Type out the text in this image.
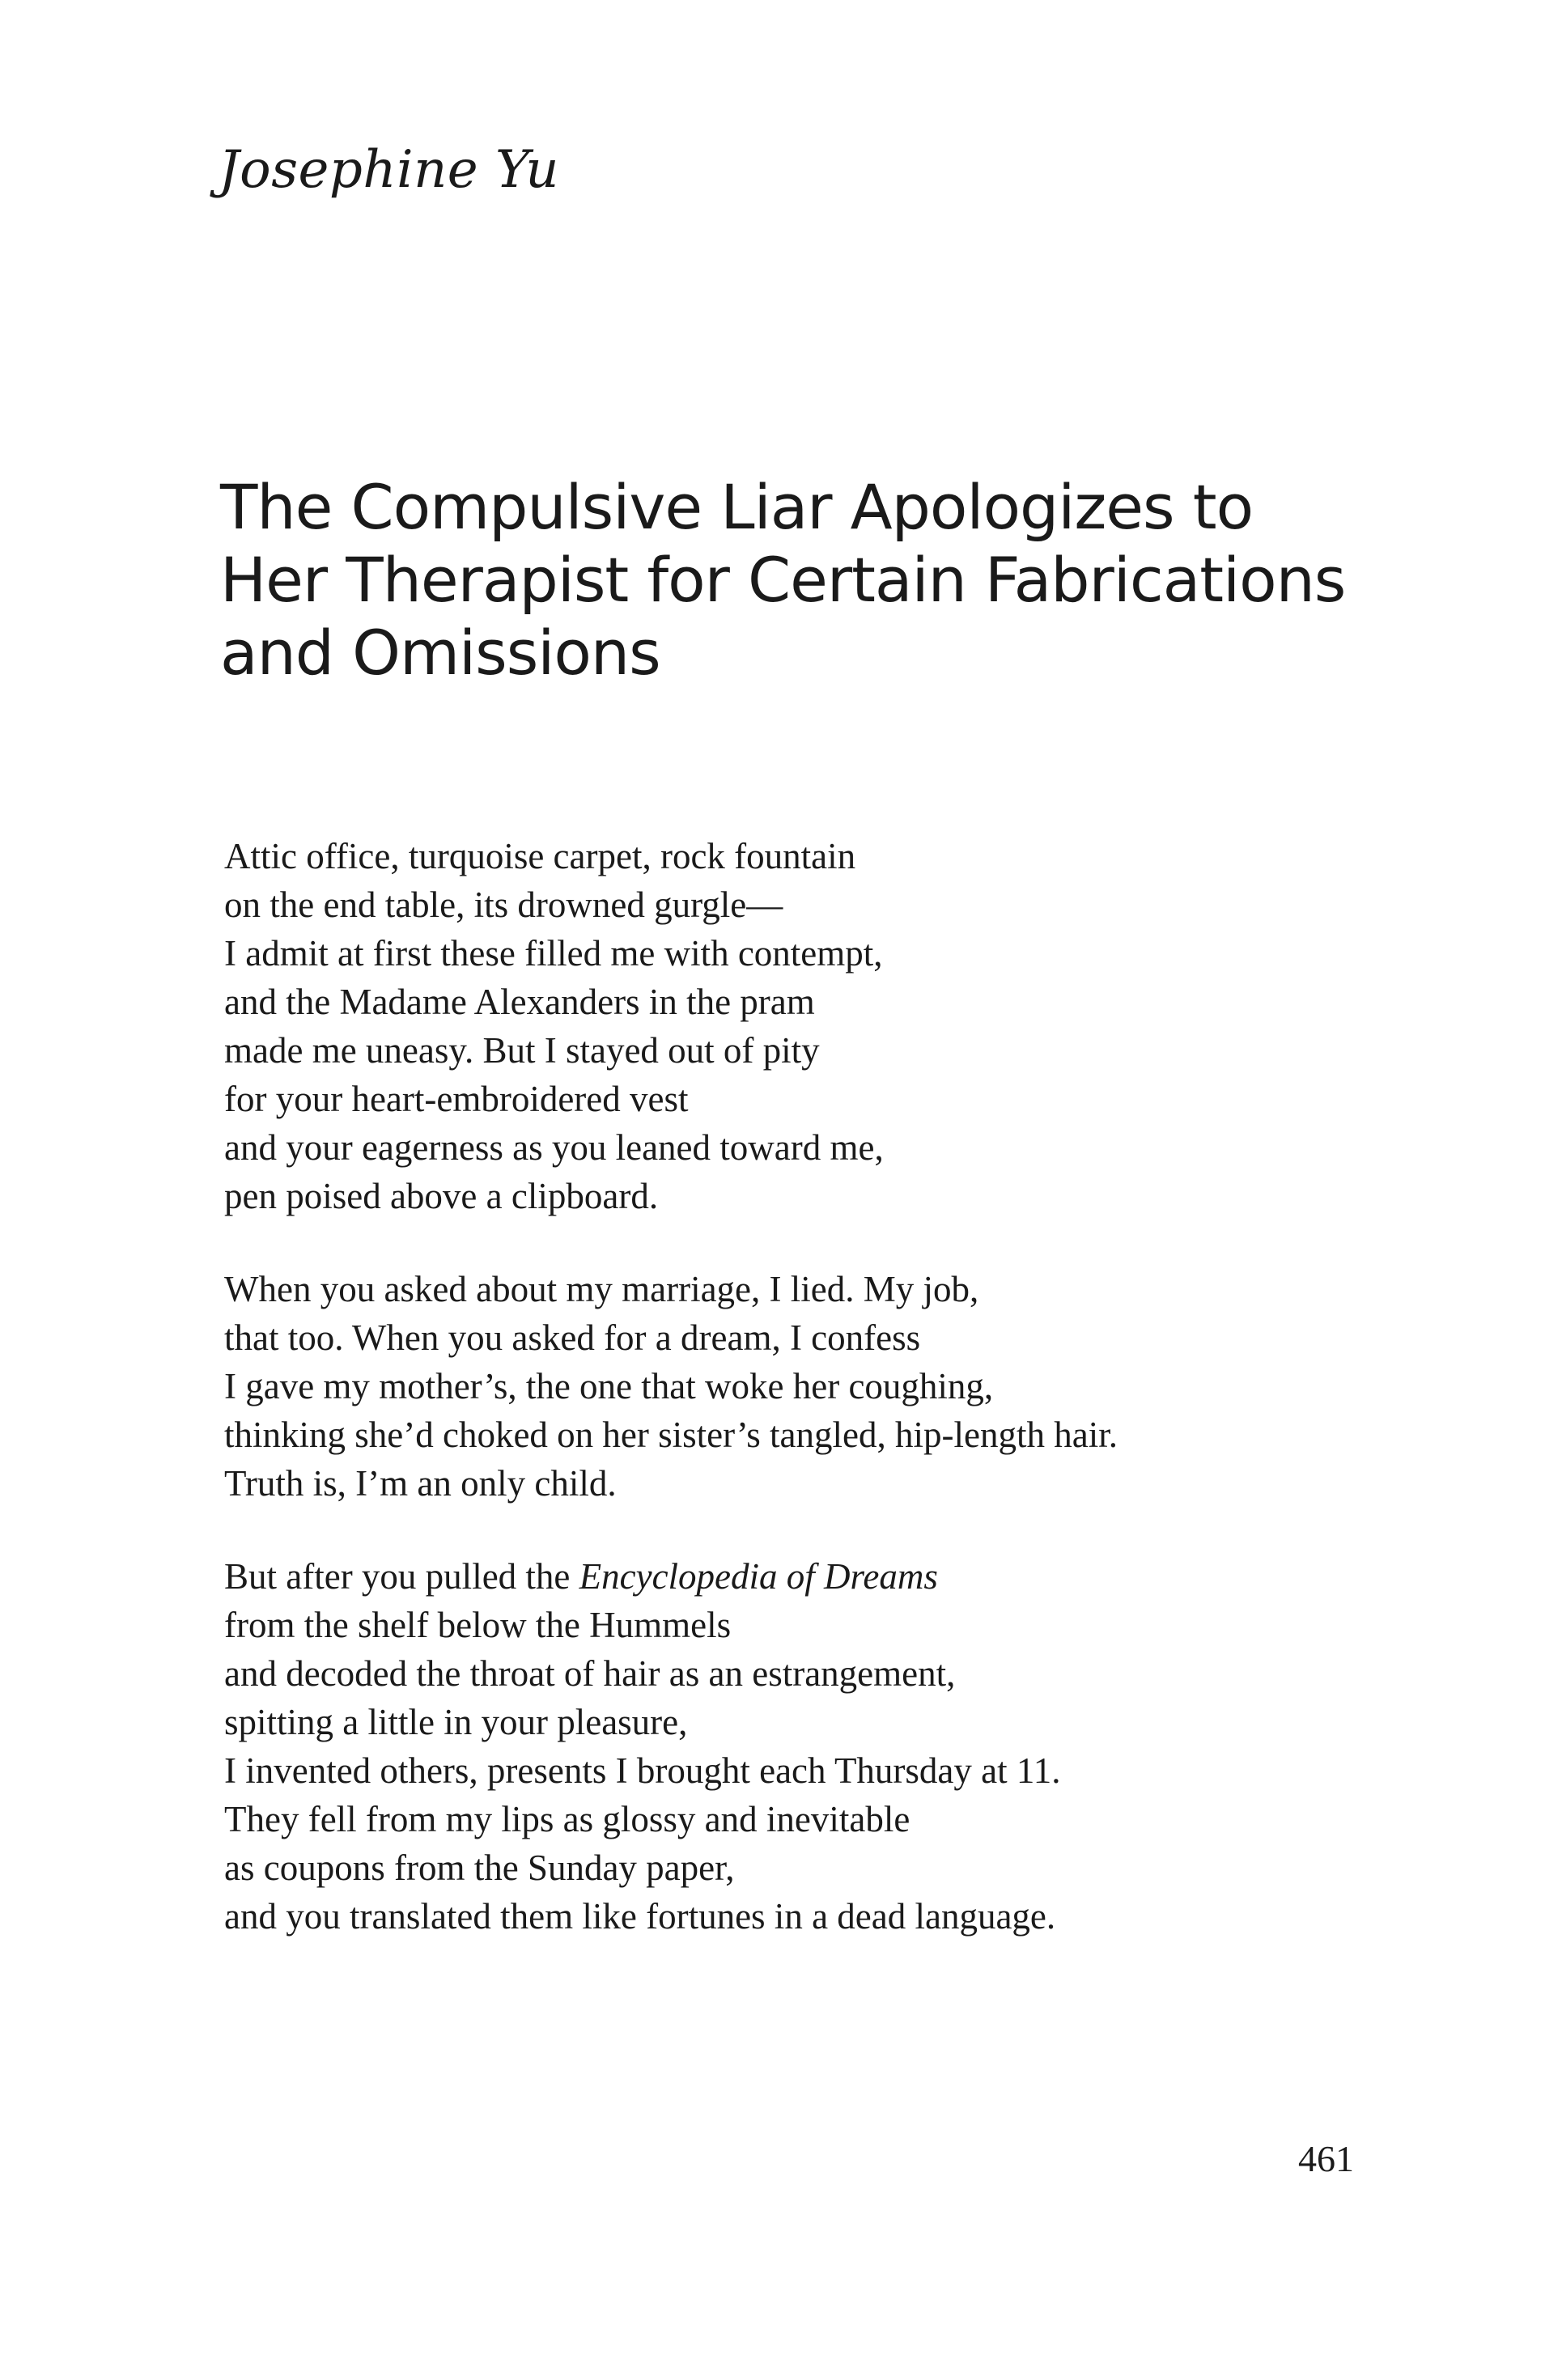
Josephine Yu
The Compulsive Liar Apologizes to
Her Therapist for Certain Fabrications
and Omissions

Attic office, turquoise carpet, rock fountain
on the end table, its drowned gurgle—
I admit at first these filled me with contempt,
and the Madame Alexanders in the pram
made me uneasy. But I stayed out of pity
for your heart-embroidered vest
and your eagerness as you leaned toward me,
pen poised above a clipboard.

When you asked about my marriage, I lied. My job,
that too. When you asked for a dream, I confess
I gave my mother’s, the one that woke her coughing,
thinking she’d choked on her sister’s tangled, hip-length hair.
Truth is, I’m an only child.

But after you pulled the Encyclopedia of Dreams
from the shelf below the Hummels
and decoded the throat of hair as an estrangement,
spitting a little in your pleasure,
I invented others, presents I brought each Thursday at 11.
They fell from my lips as glossy and inevitable
as coupons from the Sunday paper,
and you translated them like fortunes in a dead language.

461
